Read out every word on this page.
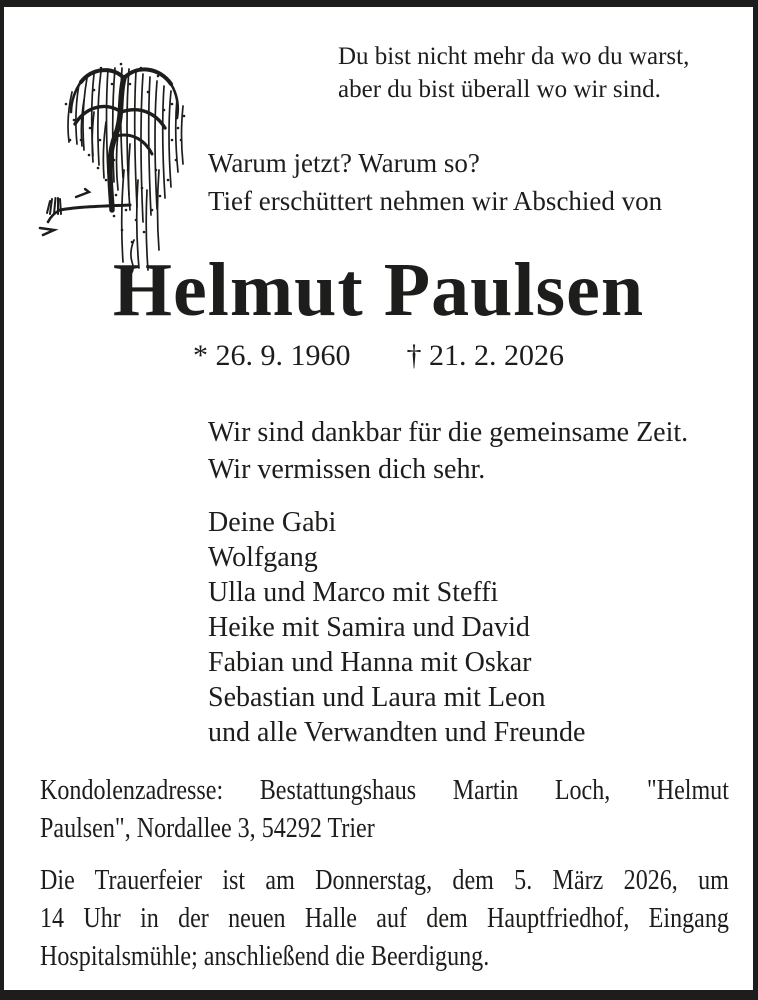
Du bist nicht mehr da wo du warst,
aber du bist überall wo wir sind.
Warum jetzt? Warum so?
Tief erschüttert nehmen wir Abschied von
Helmut Paulsen
* 26. 9. 1960 † 21. 2. 2026
Wir sind dankbar für die gemeinsame Zeit.
Wir vermissen dich sehr.
Deine Gabi
Wolfgang
Ulla und Marco mit Steffi
Heike mit Samira und David
Fabian und Hanna mit Oskar
Sebastian und Laura mit Leon
und alle Verwandten und Freunde
Kondolenzadresse: Bestattungshaus Martin Loch, "Helmut
Paulsen", Nordallee 3, 54292 Trier
Die Trauerfeier ist am Donnerstag, dem 5. März 2026, um
14 Uhr in der neuen Halle auf dem Hauptfriedhof, Eingang
Hospitalsmühle; anschließend die Beerdigung.
